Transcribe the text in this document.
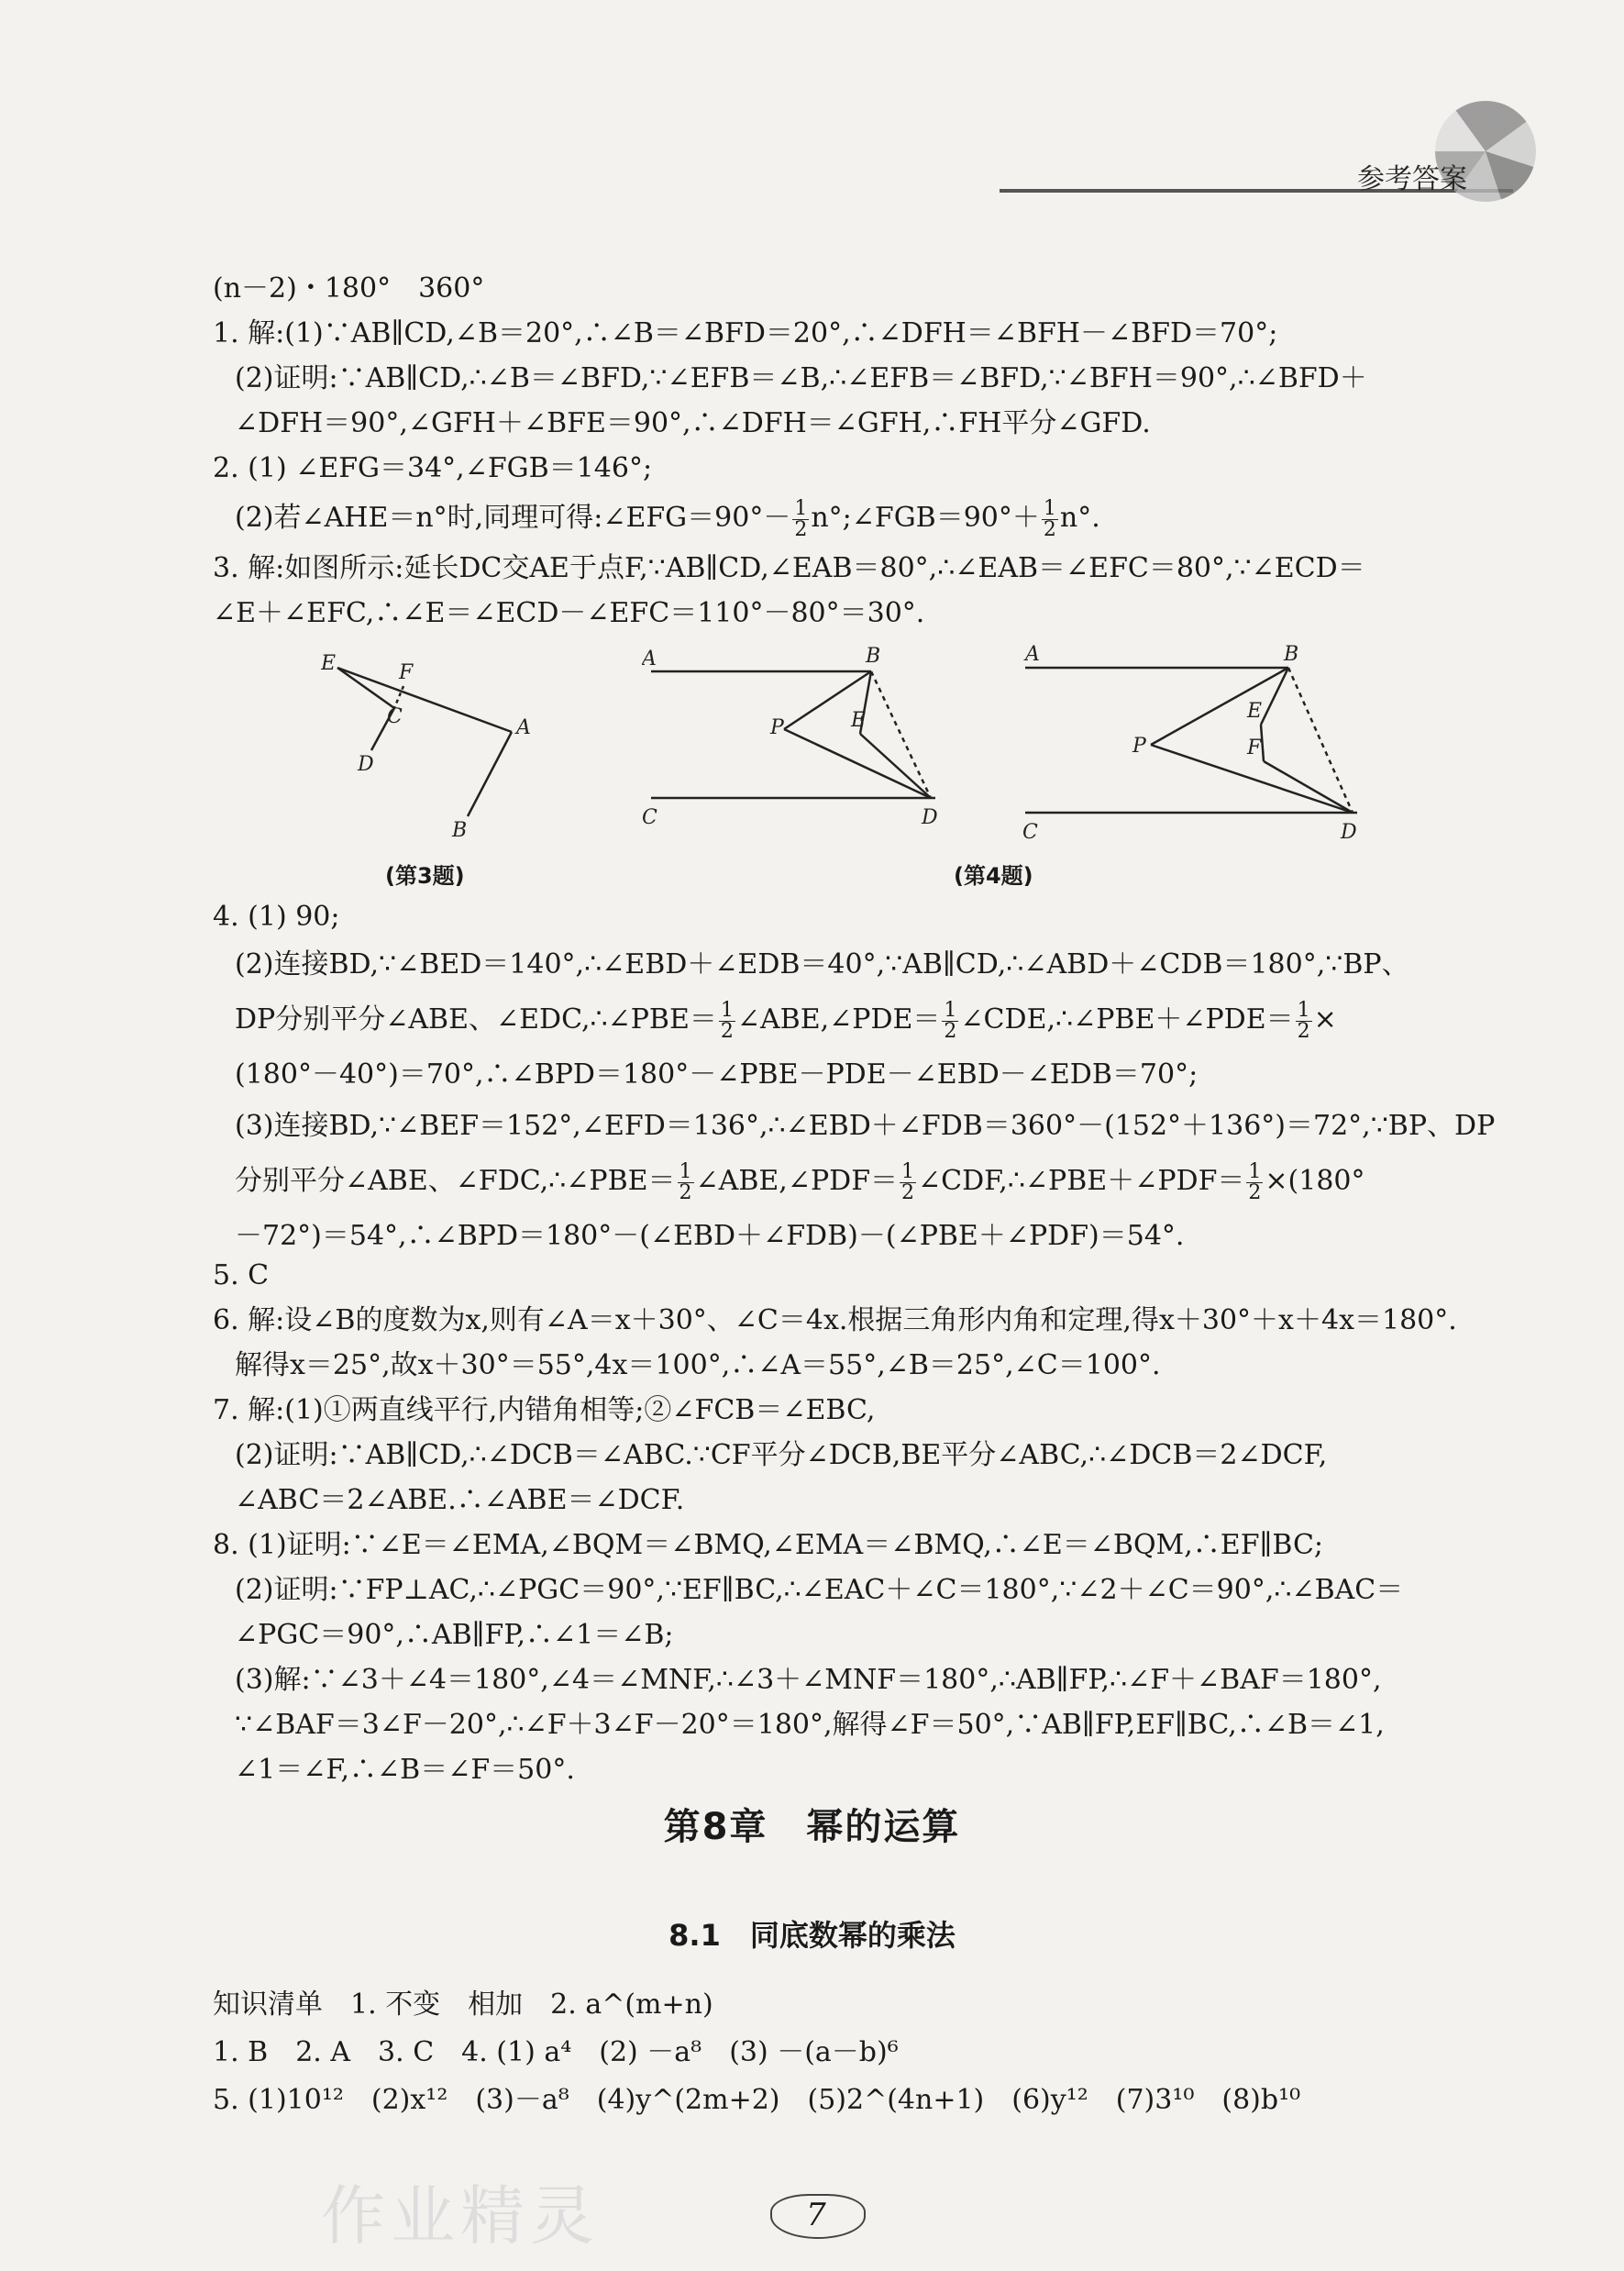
参考答案
(n－2)・180°　360°
1. 解:(1)∵AB∥CD,∠B＝20°,∴∠B＝∠BFD＝20°,∴∠DFH＝∠BFH－∠BFD＝70°;
(2)证明:∵AB∥CD,∴∠B＝∠BFD,∵∠EFB＝∠B,∴∠EFB＝∠BFD,∵∠BFH＝90°,∴∠BFD＋
∠DFH＝90°,∠GFH＋∠BFE＝90°,∴∠DFH＝∠GFH,∴FH平分∠GFD.
2. (1) ∠EFG＝34°,∠FGB＝146°;
(2)若∠AHE＝n°时,同理可得:∠EFG＝90°－ $\frac{1}{2}$ n°;∠FGB＝90°＋ $\frac{1}{2} n^\circ$.
3. 解:如图所示:延长DC交AE于点F,∵AB∥CD,∠EAB＝80°,∴∠EAB＝∠EFC＝80°,∵∠ECD＝
∠E＋∠EFC,∴∠E＝∠ECD－∠EFC＝110°－80°＝30°.
E	F
C
D
A
B
(第3题)
A	B
P	E
C	D
A	B
E
F
P
C	D
(第4题)
4. (1) 90;
(2)连接BD,∵∠BED＝140°,∴∠EBD＋∠EDB＝40°,∵AB∥CD,∴∠ABD＋∠CDB＝180°,∵BP、
DP分别平分∠ABE、∠EDC,∴∠PBE＝ $\frac{1}{2}$ ∠ABE,∠PDE＝ $\frac{1}{2}$ ∠CDE,∴∠PBE＋∠PDE＝ $\frac{1}{2}$ ×
(180°－40°)＝70°,∴∠BPD＝180°－∠PBE－PDE－∠EBD－∠EDB＝70°;
(3)连接BD,∵∠BEF＝152°,∠EFD＝136°,∴∠EBD＋∠FDB＝360°－(152°＋136°)＝72°,∵BP、DP
分别平分∠ABE、∠FDC,∴∠PBE＝ $\frac{1}{2}$ ∠ABE,∠PDF＝ $\frac{1}{2}$ ∠CDF,∴∠PBE＋∠PDF＝ $\frac{1}{2} \times(180^\circ$
－72°)＝54°,∴∠BPD＝180°－(∠EBD＋∠FDB)－(∠PBE＋∠PDF)＝54°.
5. C
6. 解:设∠B的度数为x,则有∠A＝x＋30°、∠C＝4x.根据三角形内角和定理,得x＋30°＋x＋4x＝180°.
解得x＝25°,故x＋30°＝55°,4x＝100°,∴∠A＝55°,∠B＝25°,∠C＝100°.
7. 解:(1)①两直线平行,内错角相等;②∠FCB＝∠EBC,
(2)证明:∵AB∥CD,∴∠DCB＝∠ABC.∵CF平分∠DCB,BE平分∠ABC,∴∠DCB＝2∠DCF,
∠ABC＝2∠ABE.∴∠ABE＝∠DCF.
8. (1)证明:∵∠E＝∠EMA,∠BQM＝∠BMQ,∠EMA＝∠BMQ,∴∠E＝∠BQM,∴EF∥BC;
(2)证明:∵FP⊥AC,∴∠PGC＝90°,∵EF∥BC,∴∠EAC＋∠C＝180°,∵∠2＋∠C＝90°,∴∠BAC＝
∠PGC＝90°,∴AB∥FP,∴∠1＝∠B;
(3)解:∵∠3＋∠4＝180°,∠4＝∠MNF,∴∠3＋∠MNF＝180°,∴AB∥FP,∴∠F＋∠BAF＝180°,
∵∠BAF＝3∠F－20°,∴∠F＋3∠F－20°＝180°,解得∠F＝50°,∵AB∥FP,EF∥BC,∴∠B＝∠1,
∠1＝∠F,∴∠B＝∠F＝50°.
第8章　幂的运算
8.1　同底数幂的乘法
知识清单　1. 不变　相加　2. a^(m+n)
1. B　2. A　3. C　4. (1) a⁴　(2) －a⁸　(3) －(a－b)⁶
5. (1)10¹²　(2)x¹²　(3)－a⁸　(4)y^(2m+2)　(5)2^(4n+1)　(6)y¹²　(7)3¹⁰　(8)b¹⁰
作业精灵	7
